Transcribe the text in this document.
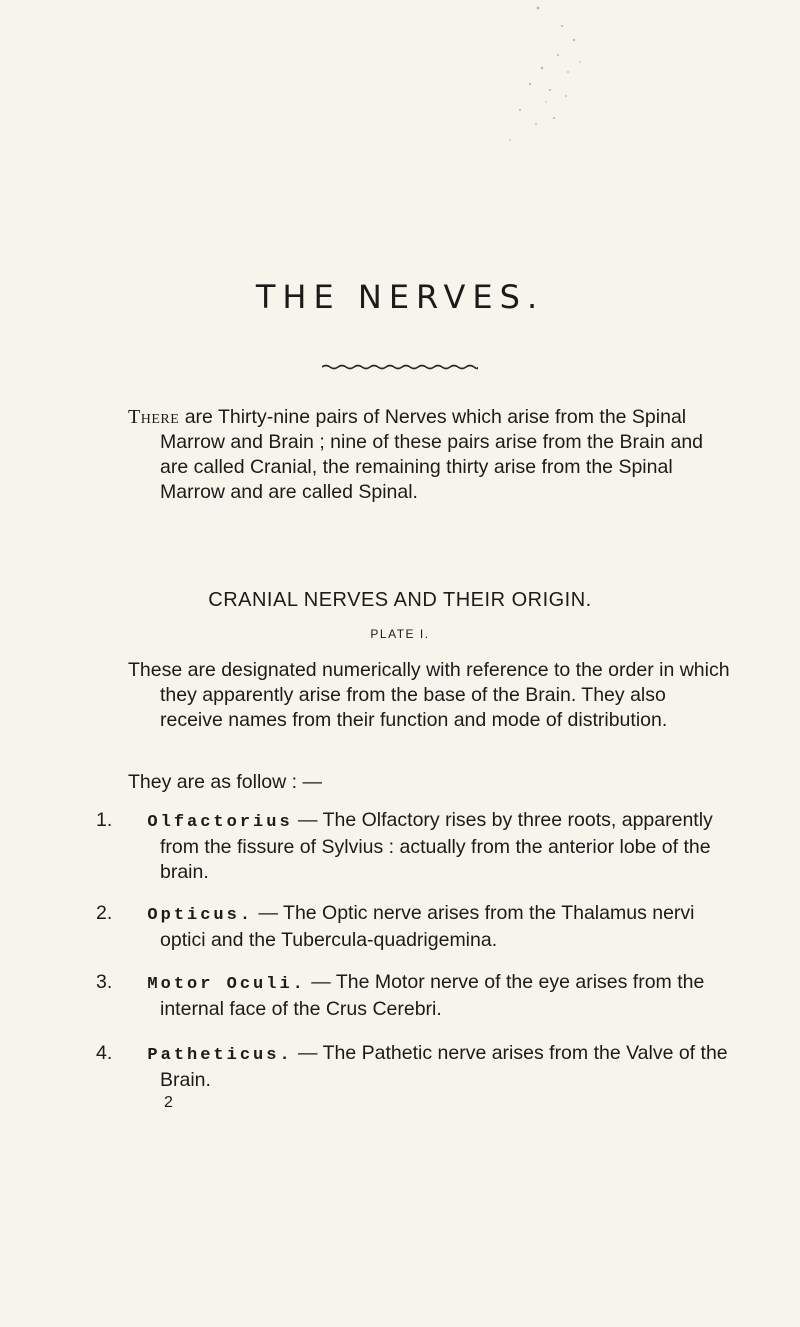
THE NERVES.
There are Thirty-nine pairs of Nerves which arise from the Spinal Marrow and Brain ; nine of these pairs arise from the Brain and are called Cranial, the remaining thirty arise from the Spinal Marrow and are called Spinal.
CRANIAL NERVES AND THEIR ORIGIN.
PLATE I.
These are designated numerically with reference to the order in which they apparently arise from the base of the Brain. They also receive names from their function and mode of distribution.
They are as follow : —
1. Olfactorius — The Olfactory rises by three roots, apparently from the fissure of Sylvius : actually from the anterior lobe of the brain.
2. Opticus. — The Optic nerve arises from the Thalamus nervi optici and the Tubercula-quadrigemina.
3. Motor Oculi. — The Motor nerve of the eye arises from the internal face of the Crus Cerebri.
4. Patheticus. — The Pathetic nerve arises from the Valve of the Brain.
2
